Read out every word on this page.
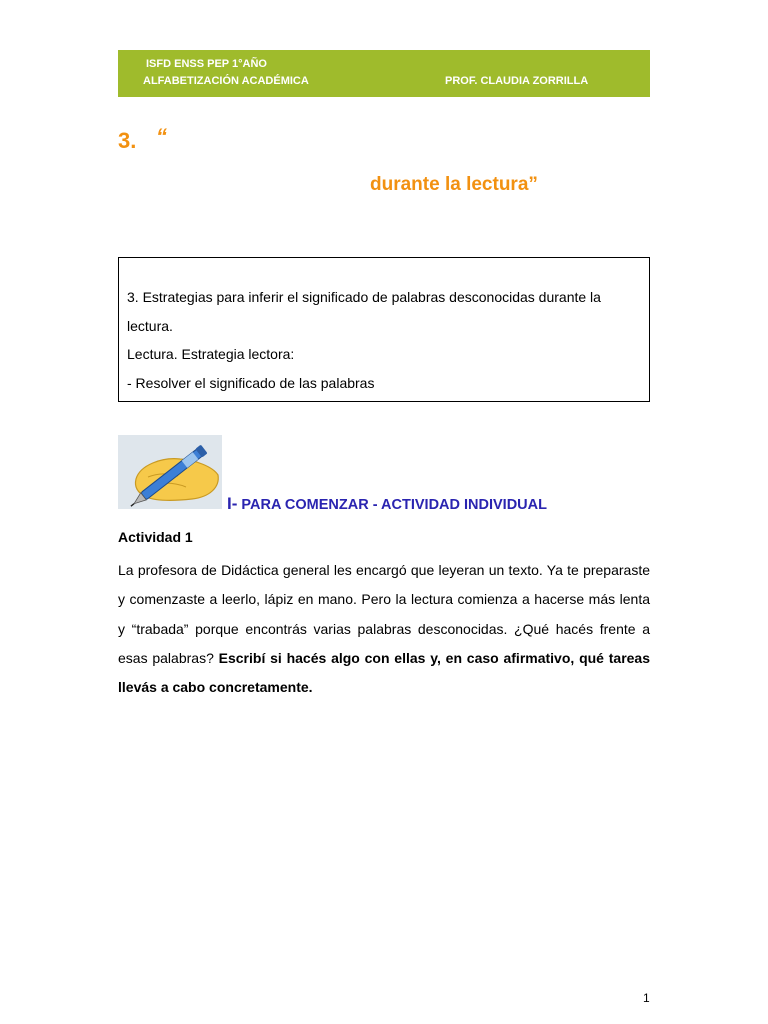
ISFD ENSS PEP 1°AÑO
ALFABETIZACIÓN ACADÉMICA	PROF. CLAUDIA ZORRILLA
3. “
durante la lectura”
3. Estrategias para inferir el significado de palabras desconocidas durante la lectura.
Lectura. Estrategia lectora:
- Resolver el significado de las palabras
I- PARA COMENZAR - ACTIVIDAD INDIVIDUAL
Actividad 1
La profesora de Didáctica general les encargó que leyeran un texto. Ya te preparaste y comenzaste a leerlo, lápiz en mano. Pero la lectura comienza a hacerse más lenta y “trabada” porque encontrás varias palabras desconocidas. ¿Qué hacés frente a esas palabras? Escribí si hacés algo con ellas y, en caso afirmativo, qué tareas llevás a cabo concretamente.
1
